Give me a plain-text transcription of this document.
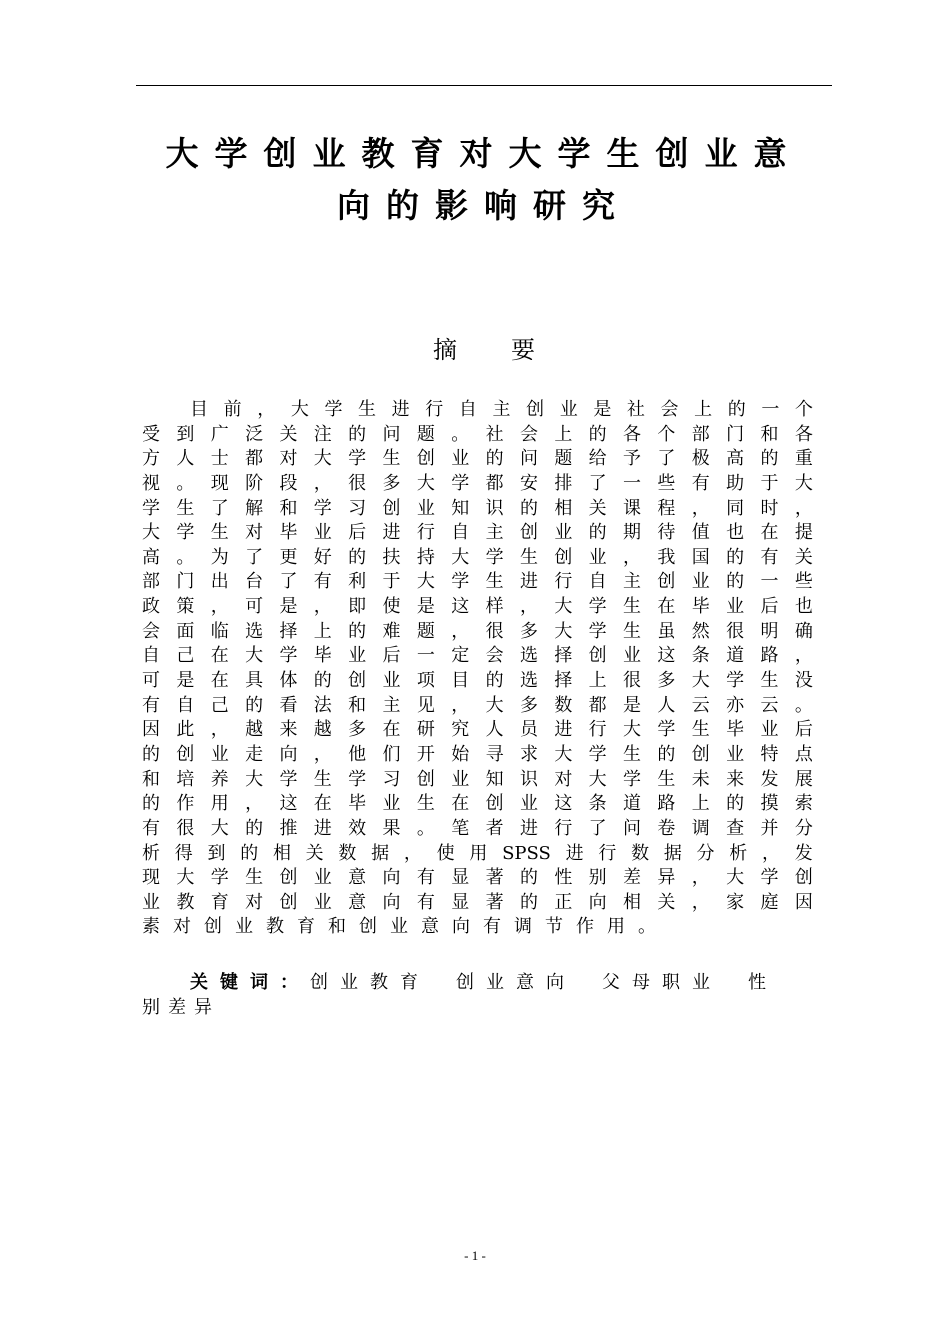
大学创业教育对大学生创业意
向的影响研究
摘要
目 前 ， 大 学 生 进 行 自 主 创 业 是 社 会 上 的 一 个
受 到 广 泛 关 注 的 问 题 。 社 会 上 的 各 个 部 门 和 各
方 人 士 都 对 大 学 生 创 业 的 问 题 给 予 了 极 高 的 重
视 。 现 阶 段 ， 很 多 大 学 都 安 排 了 一 些 有 助 于 大
学 生 了 解 和 学 习 创 业 知 识 的 相 关 课 程 ， 同 时 ，
大 学 生 对 毕 业 后 进 行 自 主 创 业 的 期 待 值 也 在 提
高 。 为 了 更 好 的 扶 持 大 学 生 创 业 ， 我 国 的 有 关
部 门 出 台 了 有 利 于 大 学 生 进 行 自 主 创 业 的 一 些
政 策 ， 可 是 ， 即 使 是 这 样 ， 大 学 生 在 毕 业 后 也
会 面 临 选 择 上 的 难 题 ， 很 多 大 学 生 虽 然 很 明 确
自 己 在 大 学 毕 业 后 一 定 会 选 择 创 业 这 条 道 路 ，
可 是 在 具 体 的 创 业 项 目 的 选 择 上 很 多 大 学 生 没
有 自 己 的 看 法 和 主 见 ， 大 多 数 都 是 人 云 亦 云 。
因 此 ， 越 来 越 多 在 研 究 人 员 进 行 大 学 生 毕 业 后
的 创 业 走 向 ， 他 们 开 始 寻 求 大 学 生 的 创 业 特 点
和 培 养 大 学 生 学 习 创 业 知 识 对 大 学 生 未 来 发 展
的 作 用 ， 这 在 毕 业 生 在 创 业 这 条 道 路 上 的 摸 索
有 很 大 的 推 进 效 果 。 笔 者 进 行 了 问 卷 调 查 并 分
析 得 到 的 相 关 数 据 ， 使 用 SPSS 进 行 数 据 分 析 ， 发
现 大 学 生 创 业 意 向 有 显 著 的 性 别 差 异 ， 大 学 创
业 教 育 对 创 业 意 向 有 显 著 的 正 向 相 关 ， 家 庭 因
素 对 创 业 教 育 和 创 业 意 向 有 调 节 作 用 。
关键词： 创业教育 创业意向 父母职业 性
别差异
- 1 -
